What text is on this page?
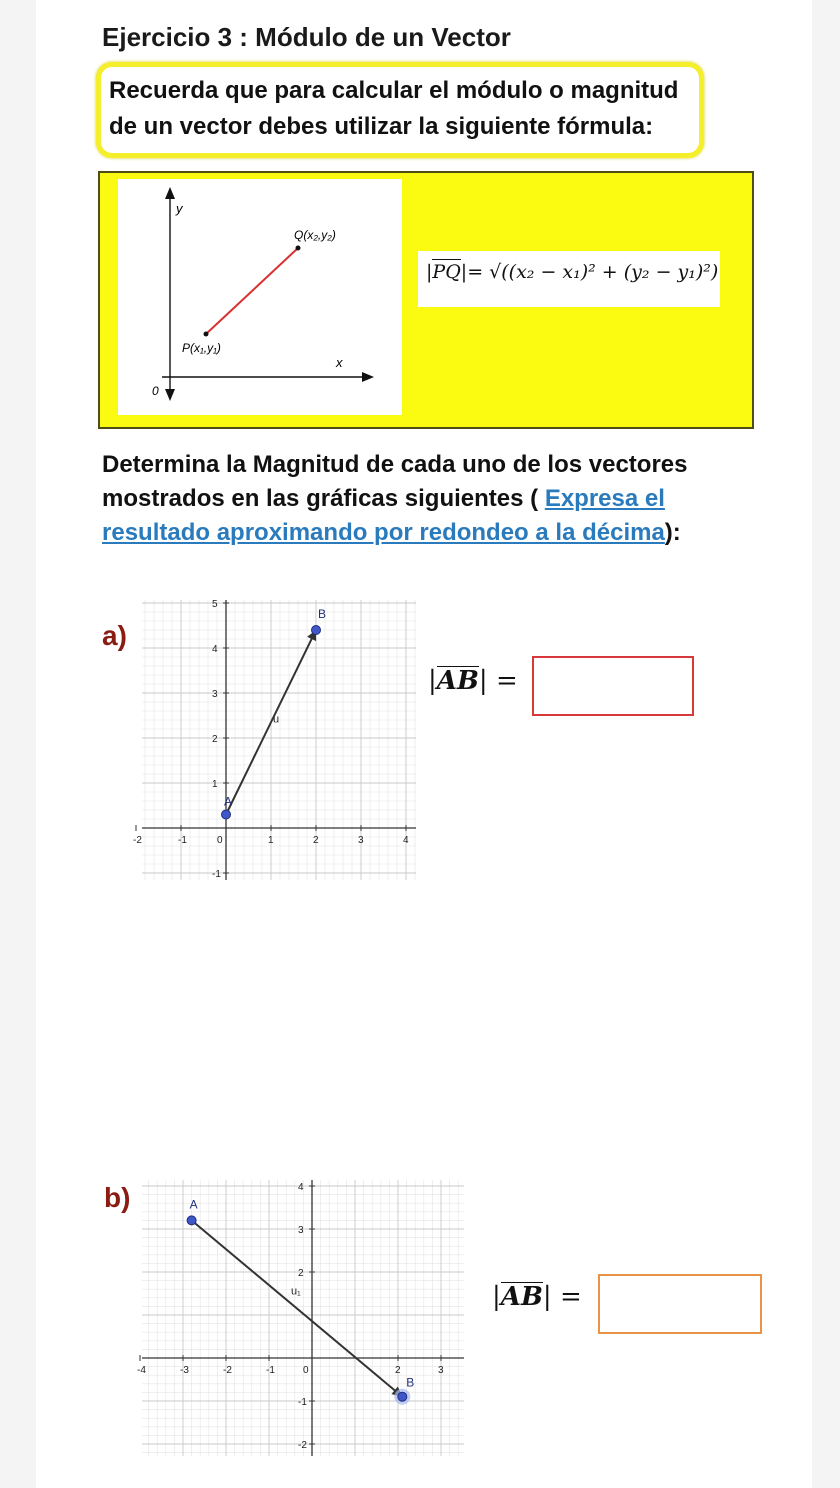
Ejercicio 3 : Módulo de un Vector
Recuerda que para calcular el módulo o magnitud
de un vector debes utilizar la siguiente fórmula:
y
x
0
Q(x₂,y₂)
P(x₁,y₁)
|PQ|= √((x₂ − x₁)² + (y₂ − y₁)²)
Determina la Magnitud de cada uno de los vectores
mostrados en las gráficas siguientes ( Expresa el
resultado aproximando por redondeo a la décima):
a)
-2	-1	0	1	2	3	4
-1
1
2
3
4
5
A
B
u
|AB| =
b)
-4	-3	-2	-1	0	2	3
-2
-1
2
3
4
A
B
u₁	|AB| =
